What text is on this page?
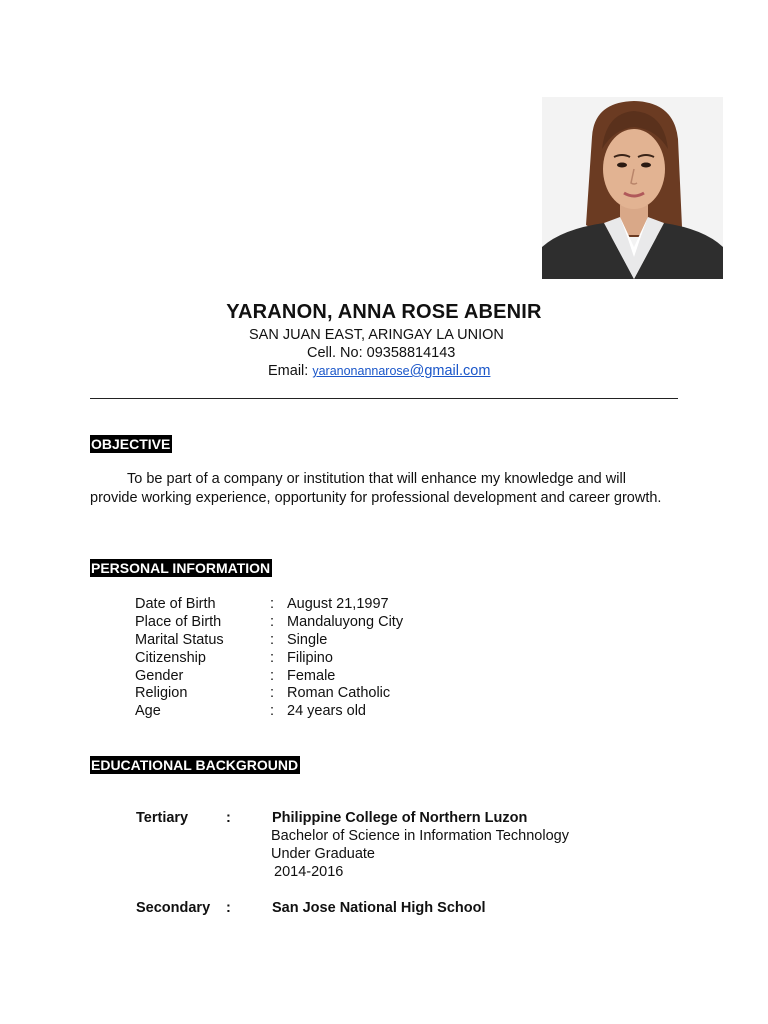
YARANON, ANNA ROSE ABENIR
SAN JUAN EAST, ARINGAY LA UNION
Cell. No: 09358814143
Email: yaranonannarose@gmail.com
OBJECTIVE
To be part of a company or institution that will enhance my knowledge and will provide working experience, opportunity for professional development and career growth.
PERSONAL INFORMATION
Date of Birth	: August 21,1997
Place of Birth	: Mandaluyong City
Marital Status	: Single
Citizenship	: Filipino
Gender	: Female
Religion	: Roman Catholic
Age	: 24 years old
EDUCATIONAL BACKGROUND
Tertiary	:	Philippine College of Northern Luzon
Bachelor of Science in Information Technology
Under Graduate
2014-2016
Secondary :	San Jose National High School
